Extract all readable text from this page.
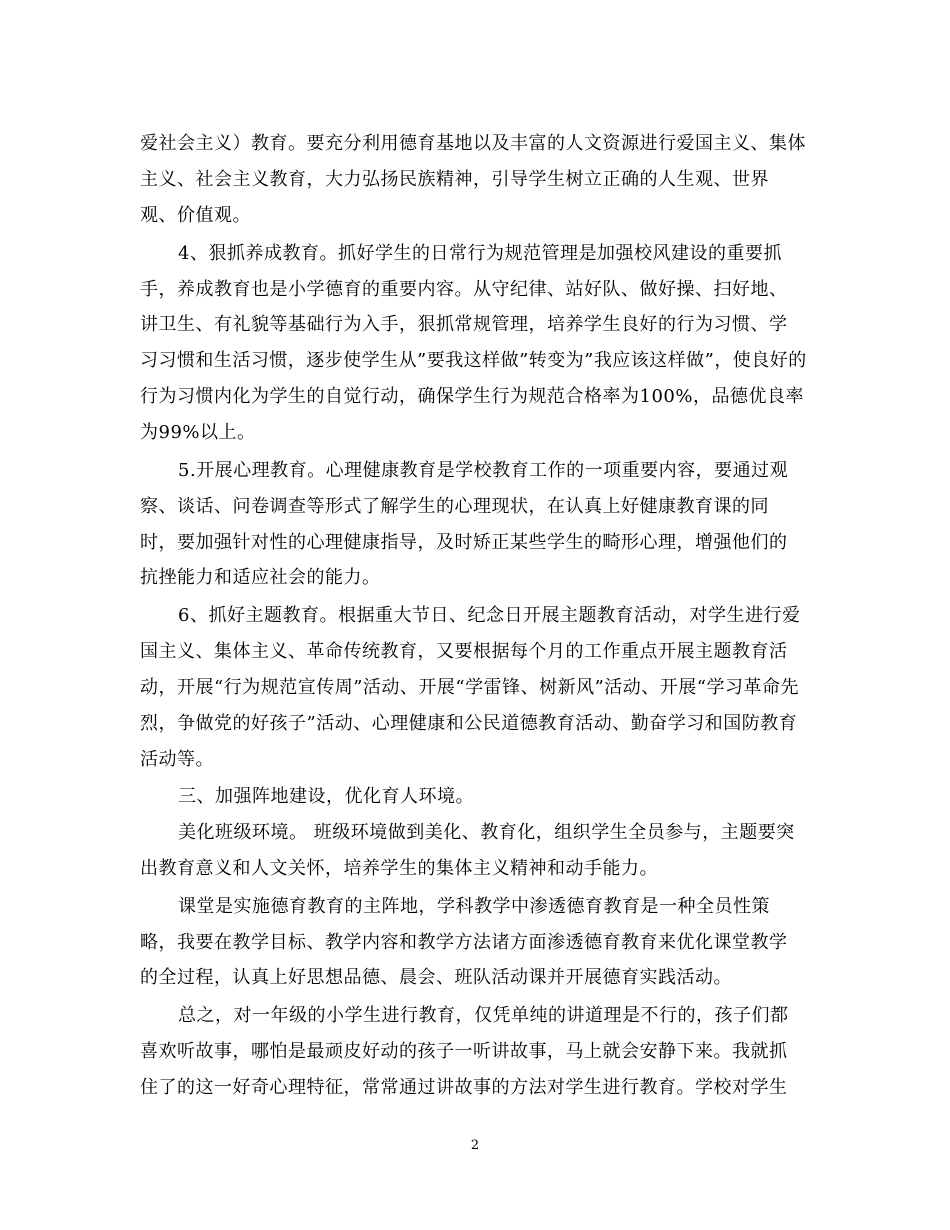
爱社会主义）教育。要充分利用德育基地以及丰富的人文资源进行爱国主义、集体
主义、社会主义教育，大力弘扬民族精神，引导学生树立正确的人生观、世界
观、价值观。
4、狠抓养成教育。抓好学生的日常行为规范管理是加强校风建设的重要抓
手，养成教育也是小学德育的重要内容。从守纪律、站好队、做好操、扫好地、
讲卫生、有礼貌等基础行为入手，狠抓常规管理，培养学生良好的行为习惯、学
习习惯和生活习惯，逐步使学生从”要我这样做”转变为”我应该这样做”，使良好的
行为习惯内化为学生的自觉行动，确保学生行为规范合格率为100%，品德优良率
为99%以上。
5.开展心理教育。心理健康教育是学校教育工作的一项重要内容，要通过观
察、谈话、问卷调查等形式了解学生的心理现状，在认真上好健康教育课的同
时，要加强针对性的心理健康指导，及时矫正某些学生的畸形心理，增强他们的
抗挫能力和适应社会的能力。
6、抓好主题教育。根据重大节日、纪念日开展主题教育活动，对学生进行爱
国主义、集体主义、革命传统教育，又要根据每个月的工作重点开展主题教育活
动，开展“行为规范宣传周”活动、开展“学雷锋、树新风”活动、开展“学习革命先
烈，争做党的好孩子”活动、心理健康和公民道德教育活动、勤奋学习和国防教育
活动等。
三、加强阵地建设，优化育人环境。
美化班级环境。 班级环境做到美化、教育化，组织学生全员参与，主题要突
出教育意义和人文关怀，培养学生的集体主义精神和动手能力。
课堂是实施德育教育的主阵地，学科教学中渗透德育教育是一种全员性策
略，我要在教学目标、教学内容和教学方法诸方面渗透德育教育来优化课堂教学
的全过程，认真上好思想品德、晨会、班队活动课并开展德育实践活动。
总之，对一年级的小学生进行教育，仅凭单纯的讲道理是不行的，孩子们都
喜欢听故事，哪怕是最顽皮好动的孩子一听讲故事，马上就会安静下来。我就抓
住了的这一好奇心理特征，常常通过讲故事的方法对学生进行教育。学校对学生
2
